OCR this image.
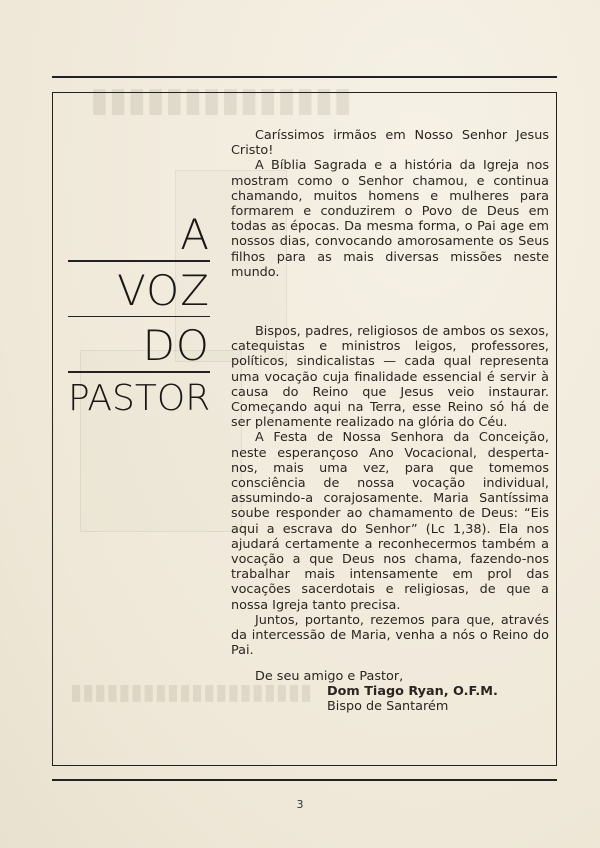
▮▮▮▮▮▮▮▮▮▮▮▮▮▮
▮▮▮▮▮▮▮▮▮▮▮▮▮▮▮▮▮▮▮▮
A
VOZ
DO
PASTOR

Caríssimos irmãos em Nosso Senhor Jesus Cristo!

A Bíblia Sagrada e a história da Igreja nos mostram como o Senhor chamou, e continua chamando, muitos homens e mulheres para formarem e conduzirem o Povo de Deus em todas as épocas. Da mesma forma, o Pai age em nossos dias, convocando amorosamente os Seus filhos para as mais diversas missões neste mundo.

Bispos, padres, religiosos de ambos os sexos, catequistas e ministros leigos, professores, políticos, sindicalistas — cada qual representa uma vocação cuja finalidade essencial é servir à causa do Reino que Jesus veio instaurar. Começando aqui na Terra, esse Reino só há de ser plenamente realizado na glória do Céu.

A Festa de Nossa Senhora da Conceição, neste esperançoso Ano Vocacional, desperta-nos, mais uma vez, para que tomemos consciência de nossa vocação individual, assumindo-a corajosamente. Maria Santíssima soube responder ao chamamento de Deus: “Eis aqui a escrava do Senhor” (Lc 1,38). Ela nos ajudará certamente a reconhecermos também a vocação a que Deus nos chama, fazendo-nos trabalhar mais intensamente em prol das vocações sacerdotais e religiosas, de que a nossa Igreja tanto precisa.

Juntos, portanto, rezemos para que, através da intercessão de Maria, venha a nós o Reino do Pai.

De seu amigo e Pastor,
Dom Tiago Ryan, O.F.M.
Bispo de Santarém
3
